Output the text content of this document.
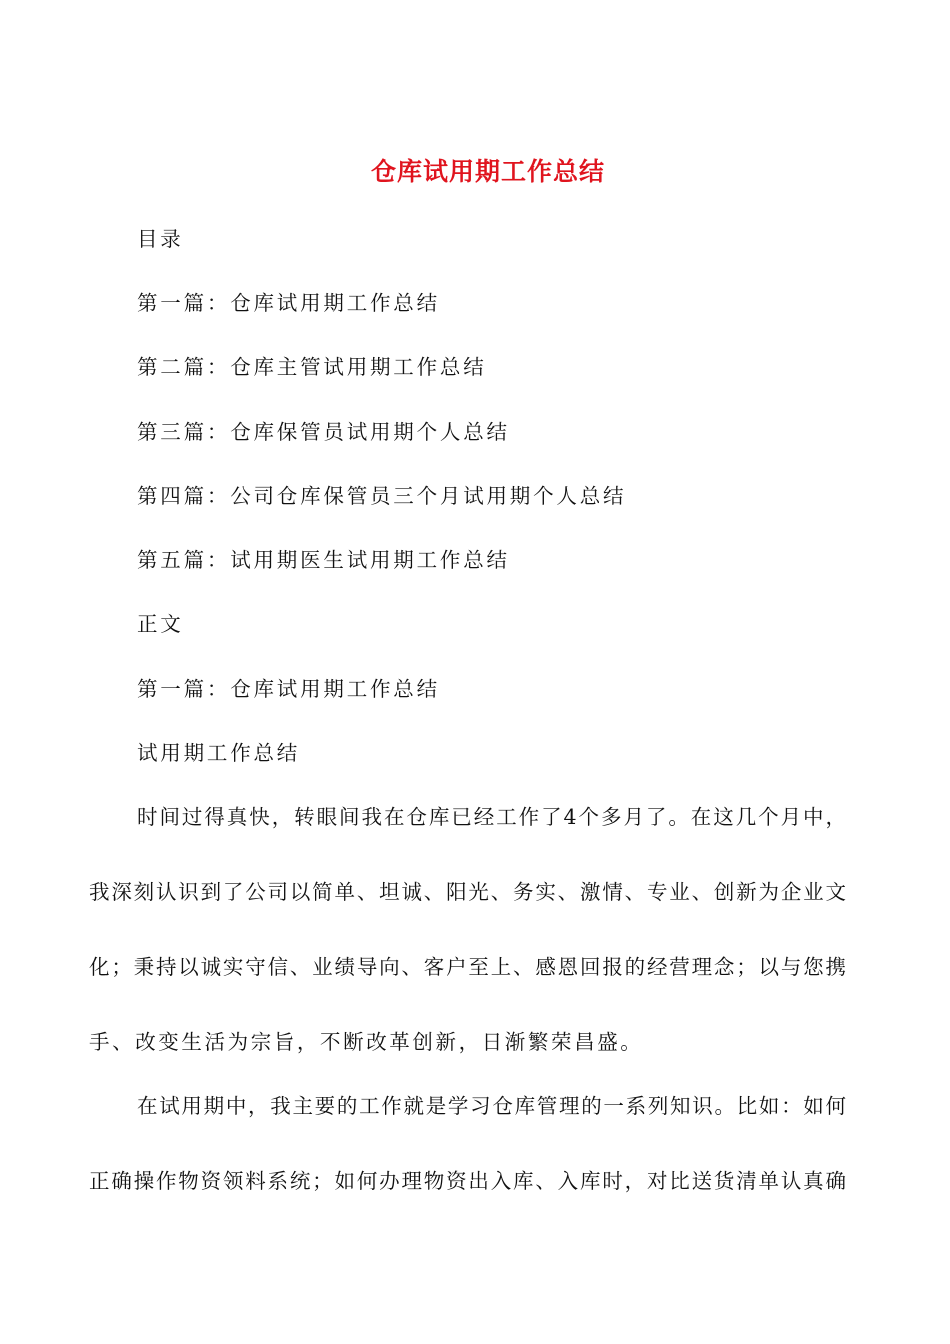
仓库试用期工作总结
目录
第一篇：仓库试用期工作总结
第二篇：仓库主管试用期工作总结
第三篇：仓库保管员试用期个人总结
第四篇：公司仓库保管员三个月试用期个人总结
第五篇：试用期医生试用期工作总结
正文
第一篇：仓库试用期工作总结
试用期工作总结
时间过得真快，转眼间我在仓库已经工作了4个多月了。在这几个月中，
我深刻认识到了公司以简单、坦诚、阳光、务实、激情、专业、创新为企业文
化；秉持以诚实守信、业绩导向、客户至上、感恩回报的经营理念；以与您携
手、改变生活为宗旨，不断改革创新，日渐繁荣昌盛。
在试用期中，我主要的工作就是学习仓库管理的一系列知识。比如：如何
正确操作物资领料系统；如何办理物资出入库、入库时，对比送货清单认真确
